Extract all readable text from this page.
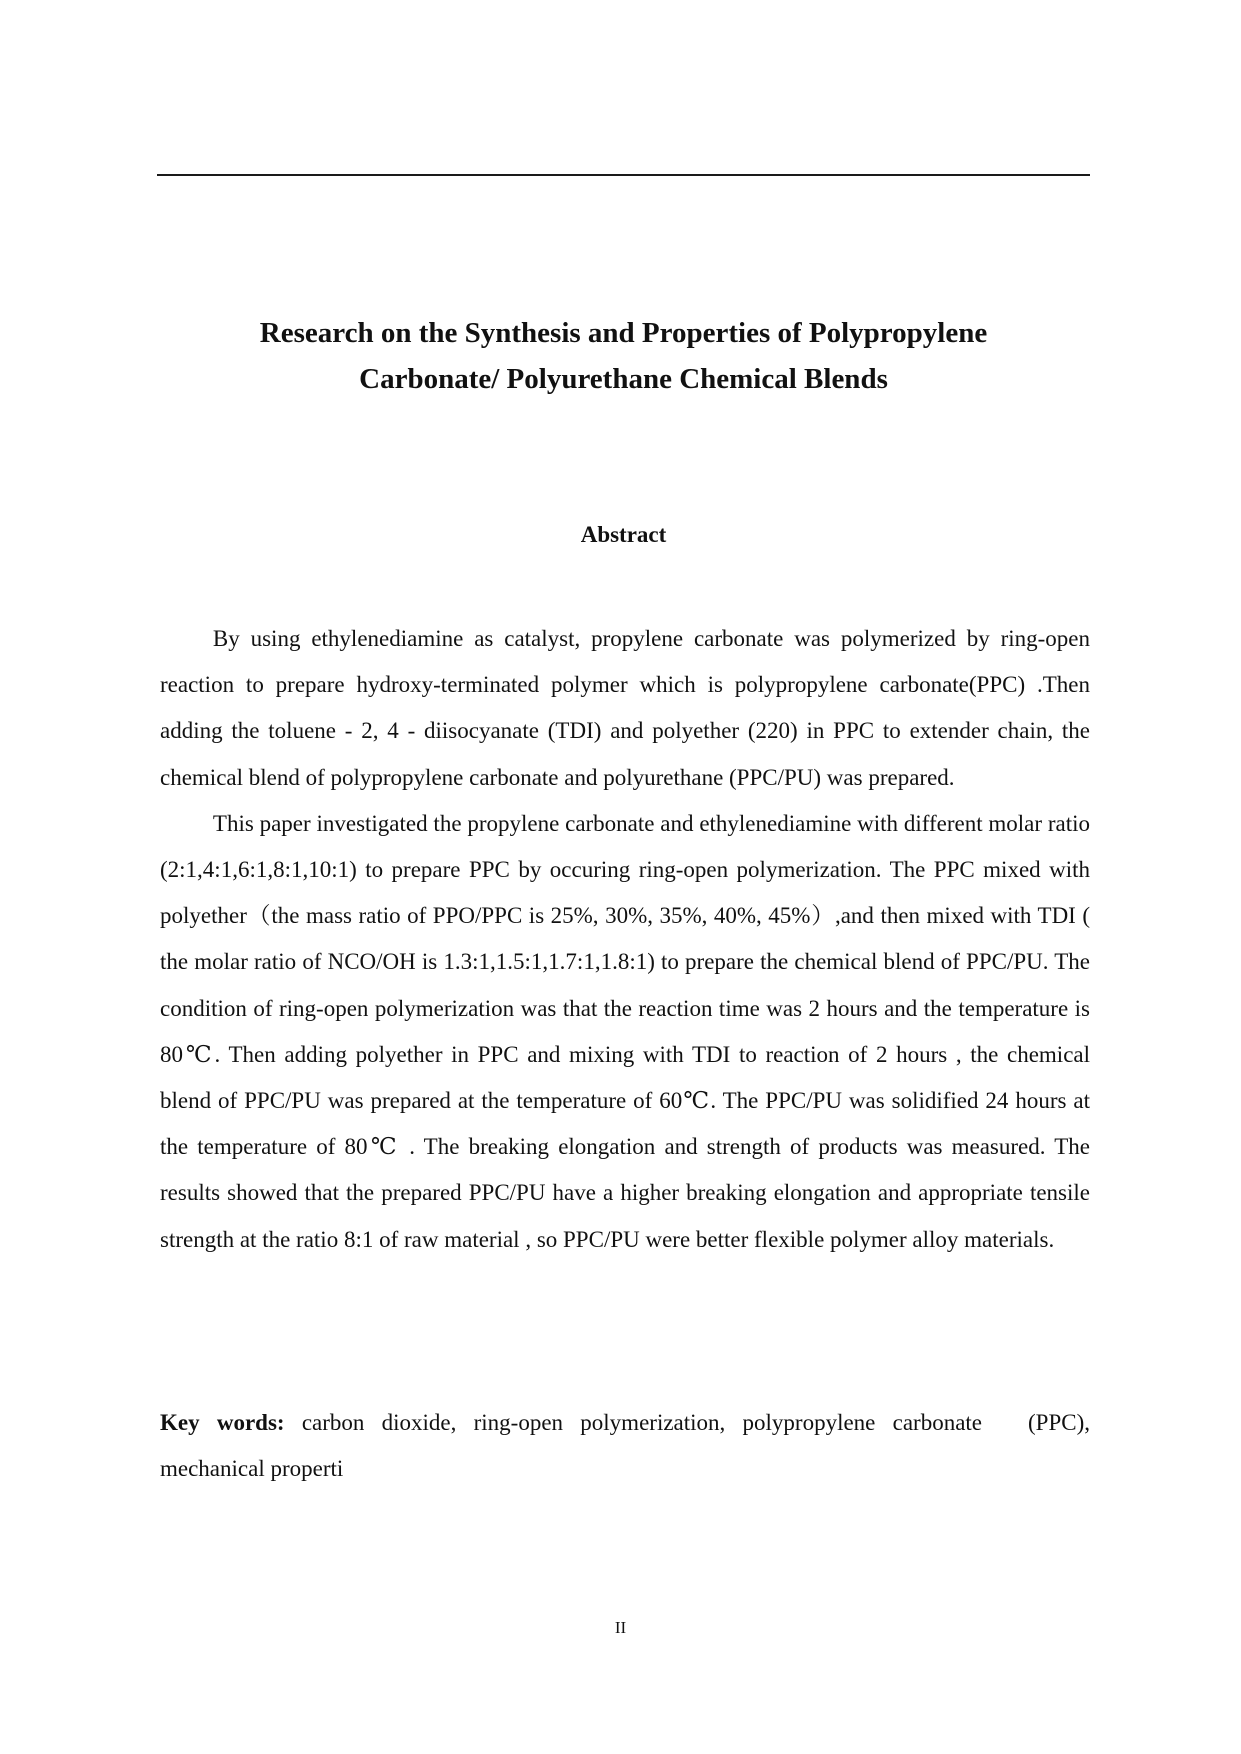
Research on the Synthesis and Properties of Polypropylene
Carbonate/ Polyurethane Chemical Blends
Abstract

By using ethylenediamine as catalyst, propylene carbonate was polymerized by ring-open reaction to prepare hydroxy-terminated polymer which is polypropylene carbonate(PPC) .Then adding the toluene - 2, 4 - diisocyanate (TDI) and polyether (220) in PPC to extender chain, the chemical blend of polypropylene carbonate and polyurethane (PPC/PU) was prepared.

This paper investigated the propylene carbonate and ethylenediamine with different molar ratio (2:1,4:1,6:1,8:1,10:1) to prepare PPC by occuring ring-open polymerization. The PPC mixed with polyether（the mass ratio of PPO/PPC is 25%, 30%, 35%, 40%, 45%）,and then mixed with TDI ( the molar ratio of NCO/OH is 1.3:1,1.5:1,1.7:1,1.8:1) to prepare the chemical blend of PPC/PU. The condition of ring-open polymerization was that the reaction time was 2 hours and the temperature is 80℃. Then adding polyether in PPC and mixing with TDI to reaction of 2 hours , the chemical blend of PPC/PU was prepared at the temperature of 60℃. The PPC/PU was solidified 24 hours at the temperature of 80℃ . The breaking elongation and strength of products was measured. The results showed that the prepared PPC/PU have a higher breaking elongation and appropriate tensile strength at the ratio 8:1 of raw material , so PPC/PU were better flexible polymer alloy materials.

Key words: carbon dioxide, ring-open polymerization, polypropylene carbonate　(PPC), mechanical properti

II
